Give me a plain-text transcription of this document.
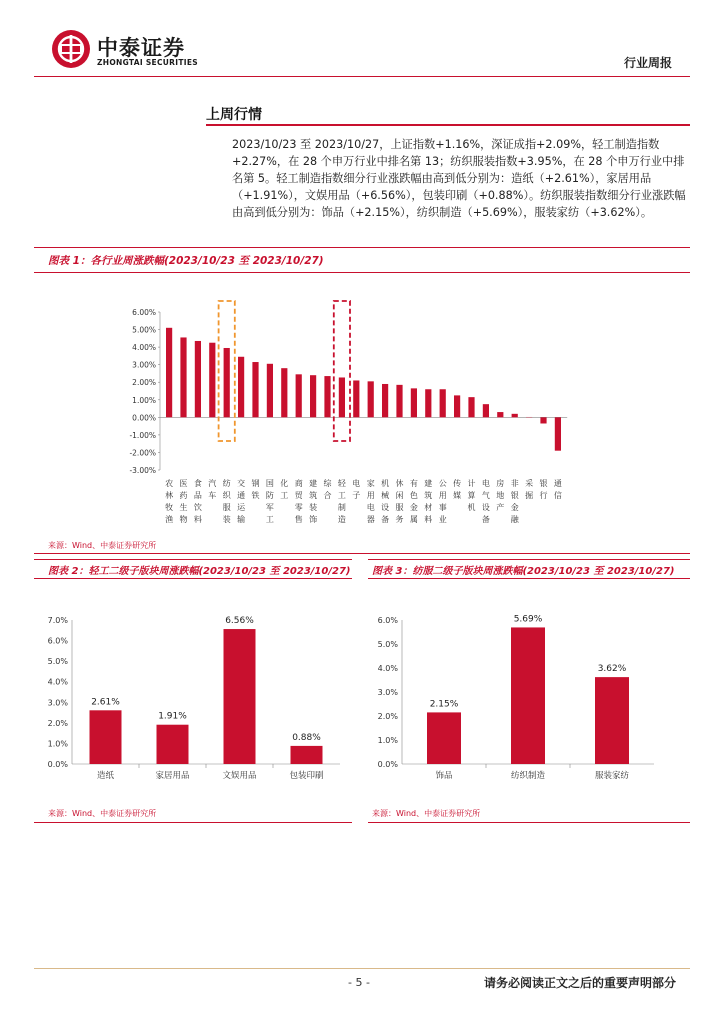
中泰证券
ZHONGTAI SECURITIES	行业周报
上周行情
2023/10/23 至 2023/10/27，上证指数+1.16%，深证成指+2.09%，轻工制造指数+2.27%，在 28 个申万行业中排名第 13；纺织服装指数+3.95%，在 28 个申万行业中排名第 5。轻工制造指数细分行业涨跌幅由高到低分别为：造纸（+2.61%），家居用品（+1.91%），文娱用品（+6.56%），包装印刷（+0.88%）。纺织服装指数细分行业涨跌幅由高到低分别为：饰品（+2.15%），纺织制造（+5.69%），服装家纺（+3.62%）。
图表 1：各行业周涨跌幅(2023/10/23 至 2023/10/27)
6.00%
5.00%
4.00%
3.00%
2.00%
1.00%
0.00%
-1.00%
-2.00%
-3.00%
农林牧渔
医药生物
食品饮料
汽车
纺织服装
交通运输
钢铁
国防军工
化工
商贸零售
建筑装饰
综合
轻工制造
电子
家用电器
机械设备
休闲服务
有色金属
建筑材料
公用事业
传媒
计算机
电气设备
房地产
非银金融
采掘
银行
通信
来源：Wind、中泰证券研究所
图表 2：轻工二级子版块周涨跌幅(2023/10/23 至 2023/10/27)
7.0%
6.0%
5.0%
4.0%
3.0%
2.0%
1.0%
0.0%
2.61%
造纸
1.91%
家居用品
6.56%
文娱用品
0.88%
包装印刷
来源：Wind、中泰证券研究所
图表 3：纺服二级子版块周涨跌幅(2023/10/23 至 2023/10/27)
6.0%
5.0%
4.0%
3.0%
2.0%
1.0%
0.0%
2.15%
饰品
5.69%
纺织制造
3.62%
服装家纺
来源：Wind、中泰证券研究所
- 5 -	请务必阅读正文之后的重要声明部分
